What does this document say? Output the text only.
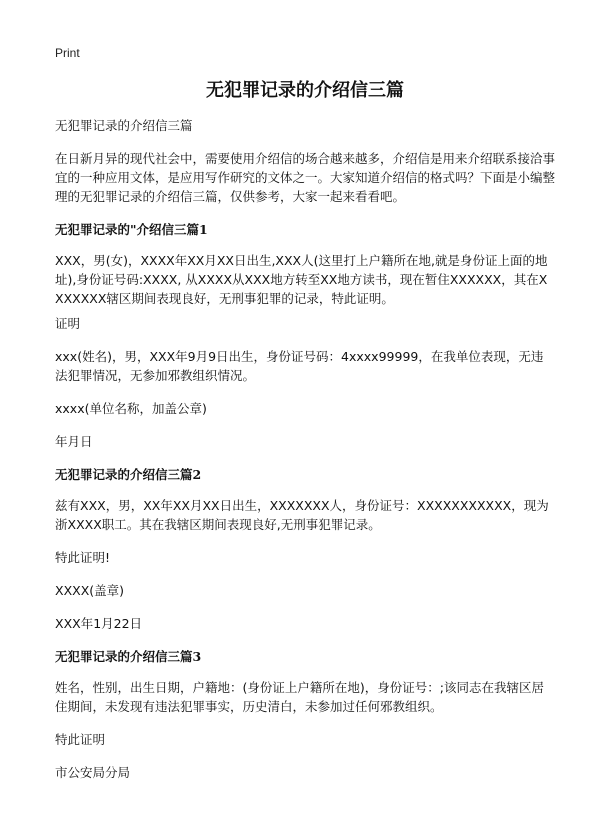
Print
无犯罪记录的介绍信三篇

无犯罪记录的介绍信三篇

在日新月异的现代社会中，需要使用介绍信的场合越来越多，介绍信是用来介绍联系接洽事宜的一种应用文体，是应用写作研究的文体之一。大家知道介绍信的格式吗？下面是小编整理的无犯罪记录的介绍信三篇，仅供参考，大家一起来看看吧。

无犯罪记录的"介绍信三篇1

XXX，男(女)，XXXX年XX月XX日出生,XXX人(这里打上户籍所在地,就是身份证上面的地址),身份证号码:XXXX, 从XXXX从XXX地方转至XX地方读书，现在暂住XXXXXX，其在XXXXXXX辖区期间表现良好，无刑事犯罪的记录，特此证明。

证明

xxx(姓名)，男，XXX年9月9日出生，身份证号码：4xxxx99999，在我单位表现，无违法犯罪情况，无参加邪教组织情况。

xxxx(单位名称，加盖公章)

年月日

无犯罪记录的介绍信三篇2

兹有XXX，男，XX年XX月XX日出生，XXXXXXX人，身份证号：XXXXXXXXXXX，现为浙XXXX职工。其在我辖区期间表现良好,无刑事犯罪记录。

特此证明!

XXXX(盖章)

XXX年1月22日

无犯罪记录的介绍信三篇3

姓名，性别，出生日期，户籍地：(身份证上户籍所在地)，身份证号：;该同志在我辖区居住期间，未发现有违法犯罪事实，历史清白，未参加过任何邪教组织。

特此证明

市公安局分局
